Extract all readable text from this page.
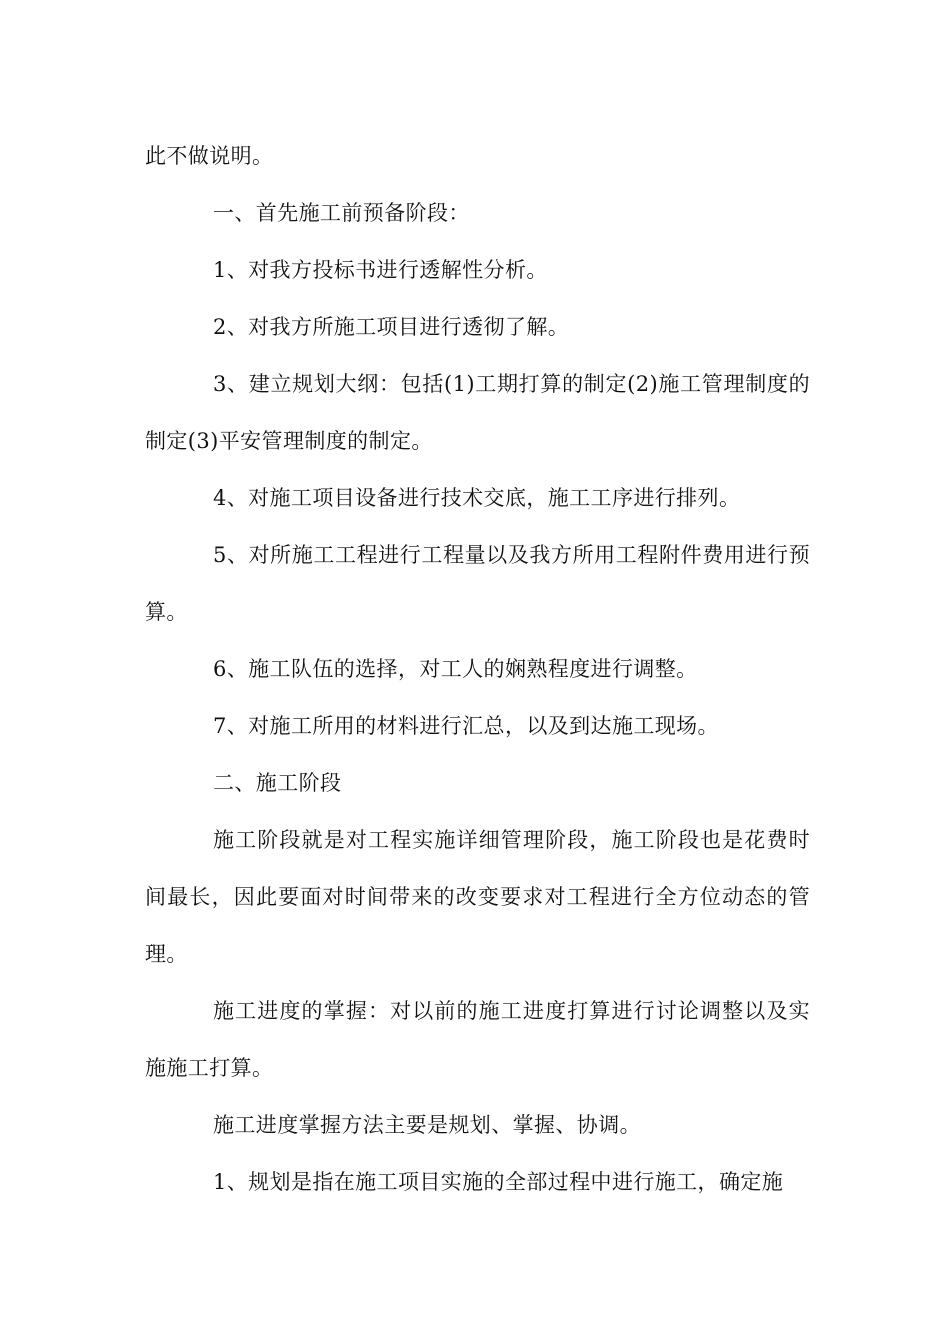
此不做说明。

一、首先施工前预备阶段：

1、对我方投标书进行透解性分析。

2、对我方所施工项目进行透彻了解。

3、建立规划大纲：包括(1)工期打算的制定(2)施工管理制度的制定(3)平安管理制度的制定。

4、对施工项目设备进行技术交底，施工工序进行排列。

5、对所施工工程进行工程量以及我方所用工程附件费用进行预算。

6、施工队伍的选择，对工人的娴熟程度进行调整。

7、对施工所用的材料进行汇总，以及到达施工现场。

二、施工阶段

施工阶段就是对工程实施详细管理阶段，施工阶段也是花费时间最长，因此要面对时间带来的改变要求对工程进行全方位动态的管理。

施工进度的掌握：对以前的施工进度打算进行讨论调整以及实施施工打算。

施工进度掌握方法主要是规划、掌握、协调。

1、规划是指在施工项目实施的全部过程中进行施工，确定施
